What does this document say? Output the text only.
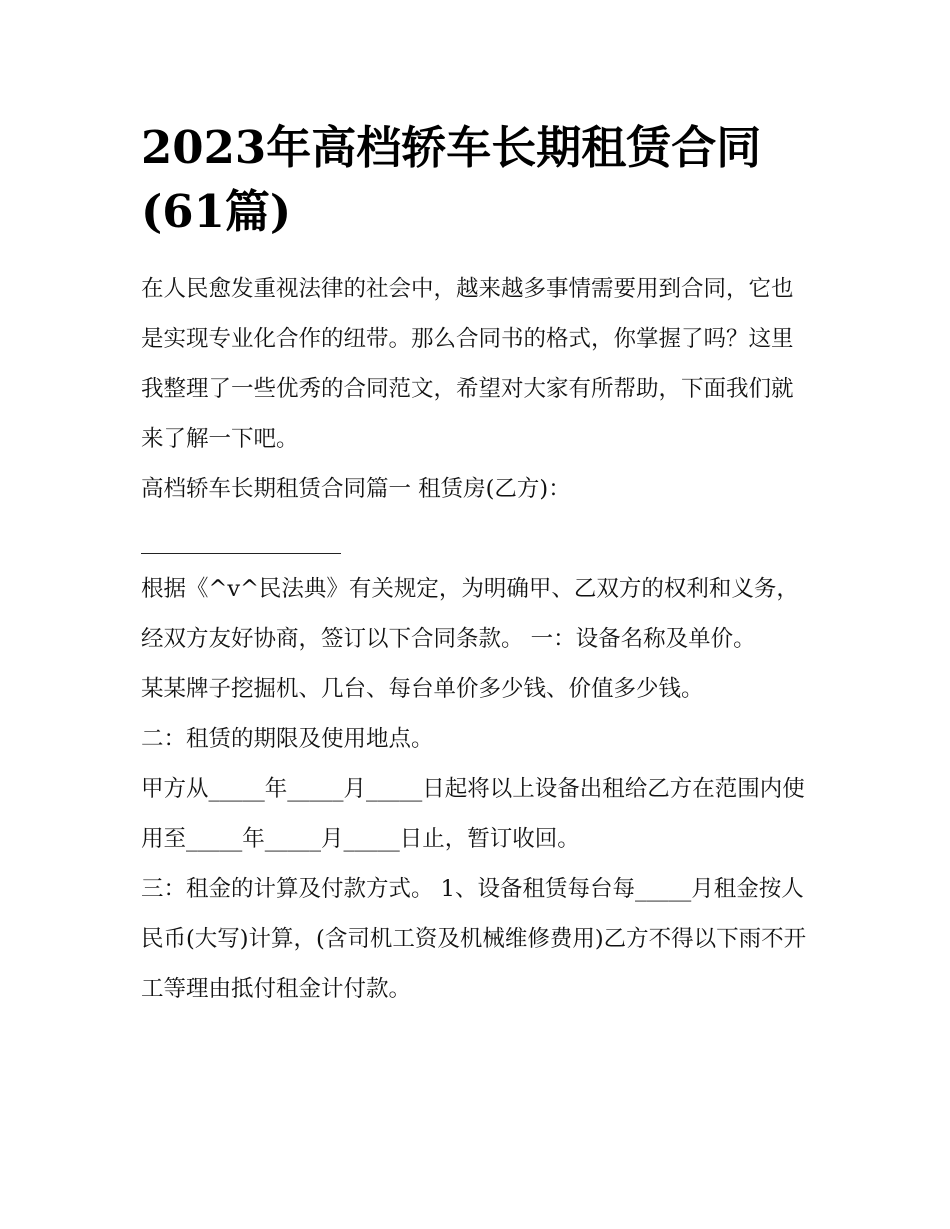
2023年高档轿车长期租赁合同(61篇)

在人民愈发重视法律的社会中，越来越多事情需要用到合同，它也是实现专业化合作的纽带。那么合同书的格式，你掌握了吗？这里我整理了一些优秀的合同范文，希望对大家有所帮助，下面我们就来了解一下吧。

高档轿车长期租赁合同篇一 租赁房(乙方)：

根据《^v^民法典》有关规定，为明确甲、乙双方的权利和义务，经双方友好协商，签订以下合同条款。 一：设备名称及单价。

某某牌子挖掘机、几台、每台单价多少钱、价值多少钱。

二：租赁的期限及使用地点。

甲方从_____年_____月_____日起将以上设备出租给乙方在范围内使用至_____年_____月_____日止，暂订收回。

三：租金的计算及付款方式。 1、设备租赁每台每_____月租金按人民币(大写)计算，(含司机工资及机械维修费用)乙方不得以下雨不开工等理由抵付租金计付款。
